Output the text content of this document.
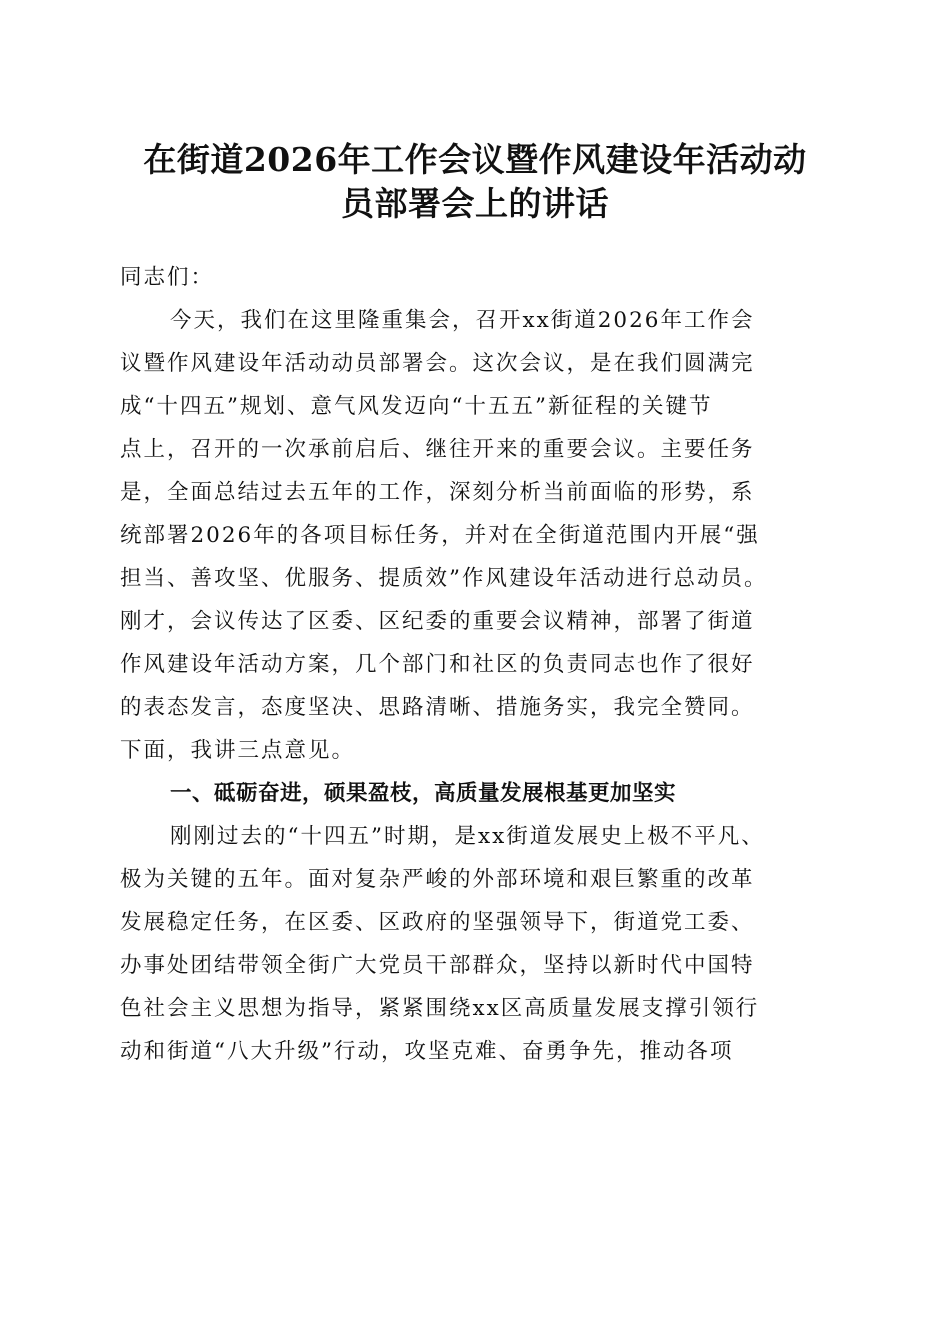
在街道2026年工作会议暨作风建设年活动动
员部署会上的讲话
同志们：
今天，我们在这里隆重集会，召开xx街道2026年工作会
议暨作风建设年活动动员部署会。这次会议，是在我们圆满完
成“十四五”规划、意气风发迈向“十五五”新征程的关键节
点上，召开的一次承前启后、继往开来的重要会议。主要任务
是，全面总结过去五年的工作，深刻分析当前面临的形势，系
统部署2026年的各项目标任务，并对在全街道范围内开展“强
担当、善攻坚、优服务、提质效”作风建设年活动进行总动员。
刚才，会议传达了区委、区纪委的重要会议精神，部署了街道
作风建设年活动方案，几个部门和社区的负责同志也作了很好
的表态发言，态度坚决、思路清晰、措施务实，我完全赞同。
下面，我讲三点意见。
一、砥砺奋进，硕果盈枝，高质量发展根基更加坚实
刚刚过去的“十四五”时期，是xx街道发展史上极不平凡、
极为关键的五年。面对复杂严峻的外部环境和艰巨繁重的改革
发展稳定任务，在区委、区政府的坚强领导下，街道党工委、
办事处团结带领全街广大党员干部群众，坚持以新时代中国特
色社会主义思想为指导，紧紧围绕xx区高质量发展支撑引领行
动和街道“八大升级”行动，攻坚克难、奋勇争先，推动各项
